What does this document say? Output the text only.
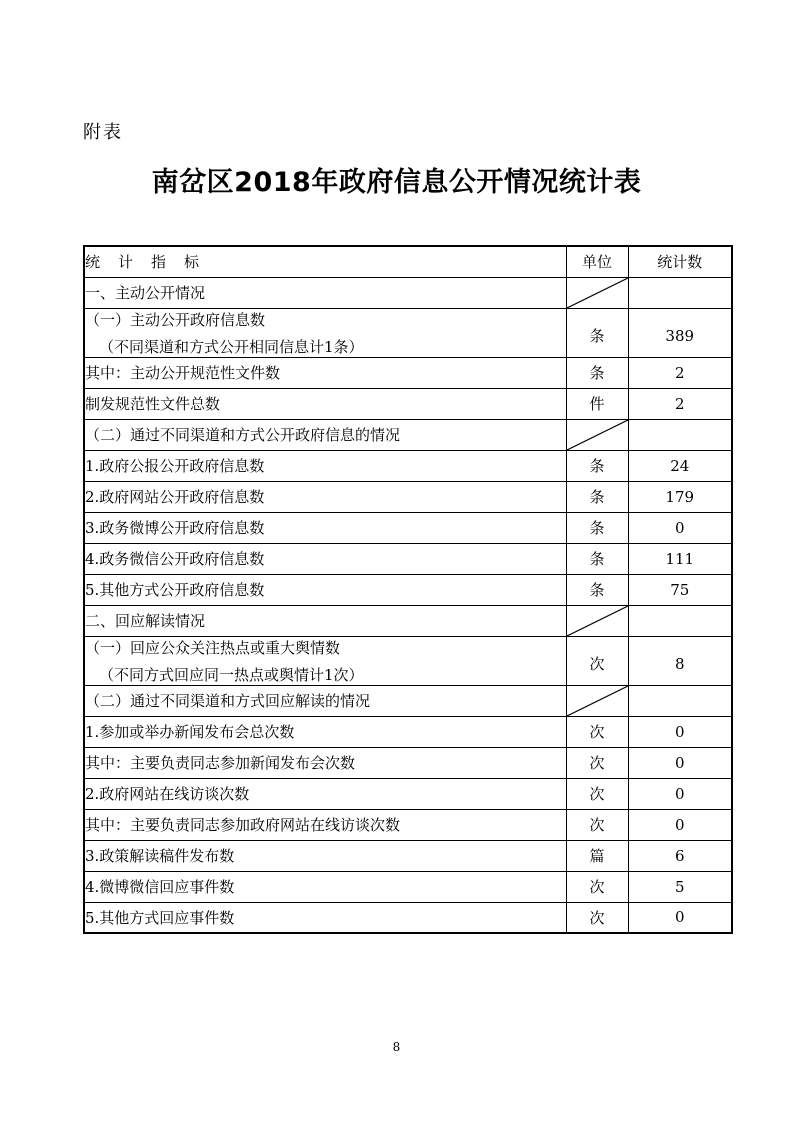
附表
南岔区2018年政府信息公开情况统计表
统 计 指 标	单位	统计数
一、主动公开情况	

（一）主动公开政府信息数
（不同渠道和方式公开相同信息计1条）	条	389
其中：主动公开规范性文件数	条	2
制发规范性文件总数	件	2
（二）通过不同渠道和方式公开政府信息的情况	

1.政府公报公开政府信息数	条	24
2.政府网站公开政府信息数	条	179
3.政务微博公开政府信息数	条	0
4.政务微信公开政府信息数	条	111
5.其他方式公开政府信息数	条	75
二、回应解读情况	

（一）回应公众关注热点或重大舆情数
（不同方式回应同一热点或舆情计1次）	次	8
（二）通过不同渠道和方式回应解读的情况	

1.参加或举办新闻发布会总次数	次	0
其中：主要负责同志参加新闻发布会次数	次	0
2.政府网站在线访谈次数	次	0
其中：主要负责同志参加政府网站在线访谈次数	次	0
3.政策解读稿件发布数	篇	6
4.微博微信回应事件数	次	5
5.其他方式回应事件数	次	0
8
